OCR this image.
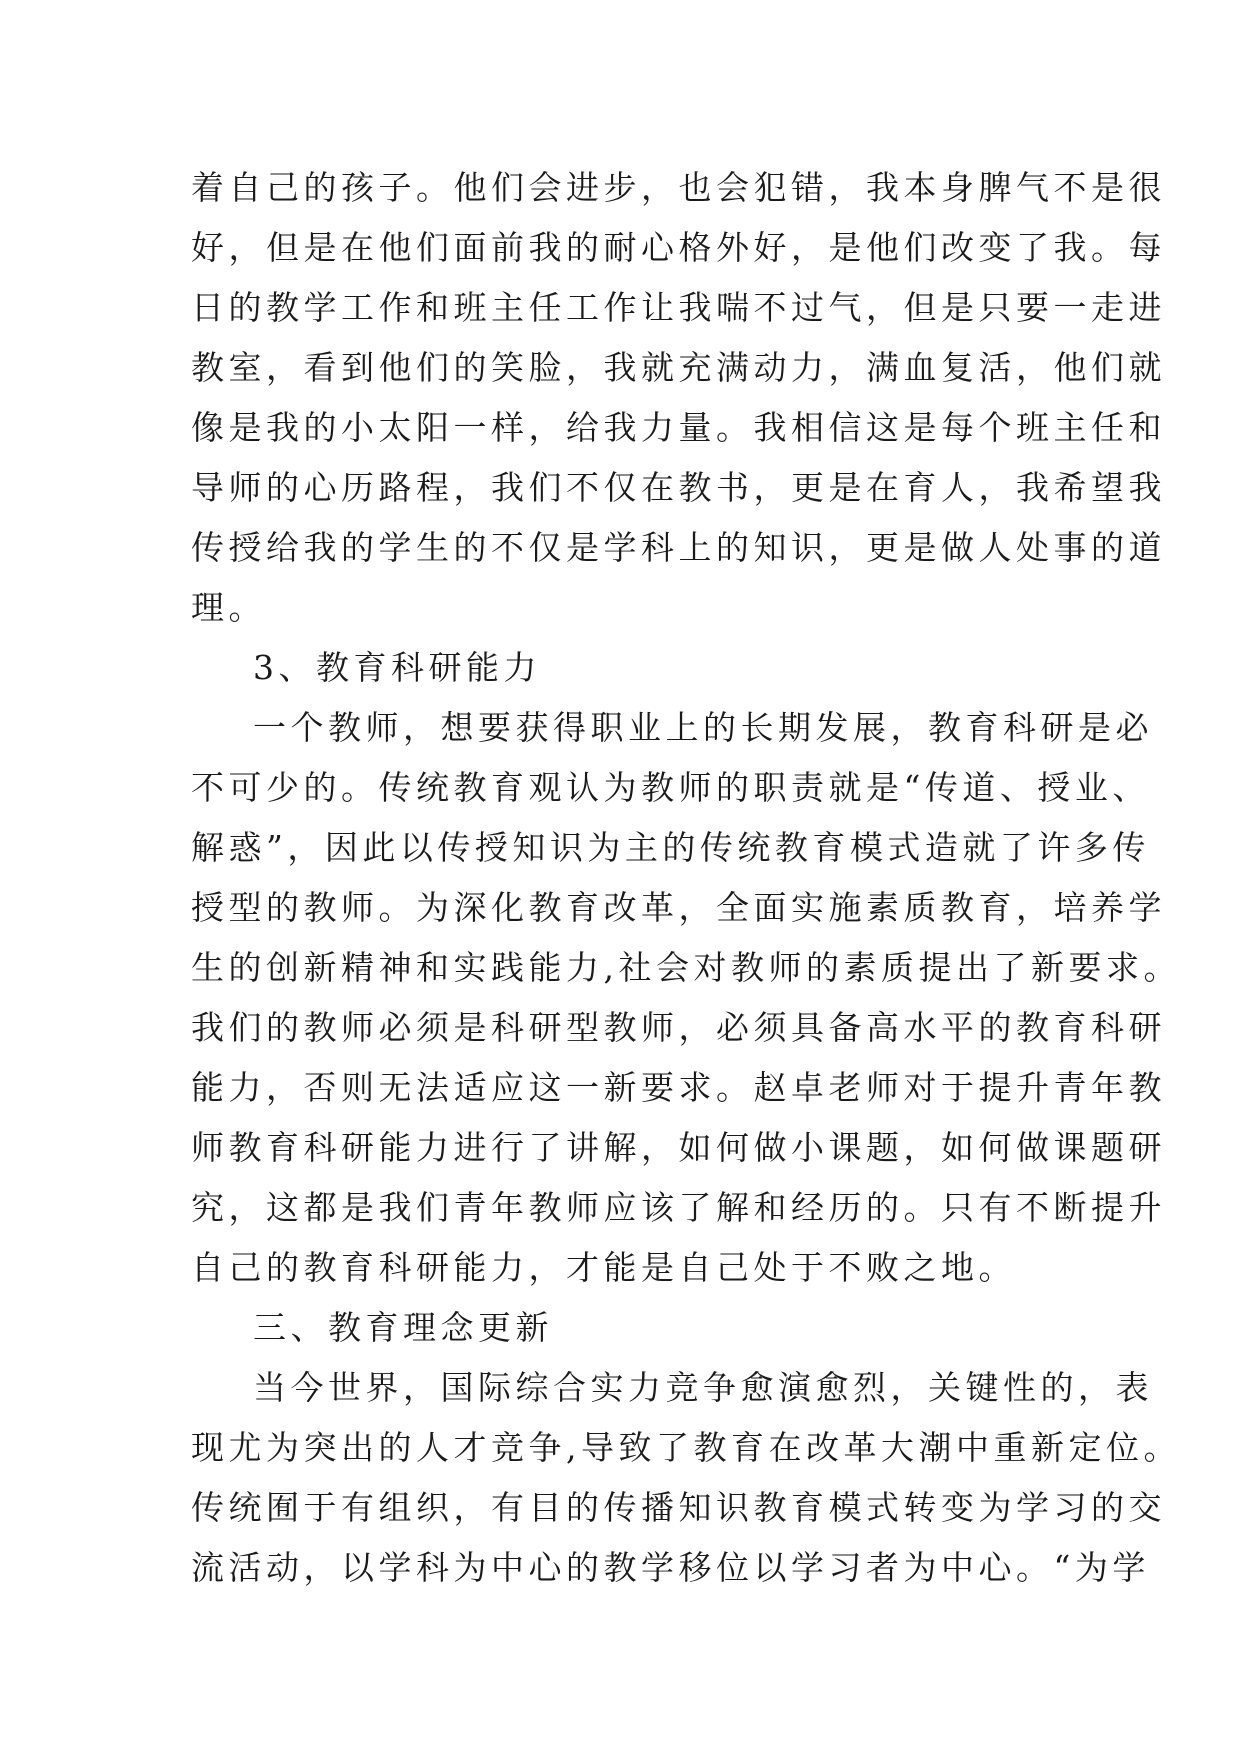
着自己的孩子。他们会进步，也会犯错，我本身脾气不是很
好，但是在他们面前我的耐心格外好，是他们改变了我。每
日的教学工作和班主任工作让我喘不过气，但是只要一走进
教室，看到他们的笑脸，我就充满动力，满血复活，他们就
像是我的小太阳一样，给我力量。我相信这是每个班主任和
导师的心历路程，我们不仅在教书，更是在育人，我希望我
传授给我的学生的不仅是学科上的知识，更是做人处事的道
理。
3、教育科研能力
一个教师，想要获得职业上的长期发展，教育科研是必
不可少的。传统教育观认为教师的职责就是“传道、授业、
解惑”，因此以传授知识为主的传统教育模式造就了许多传
授型的教师。为深化教育改革，全面实施素质教育，培养学
生的创新精神和实践能力,社会对教师的素质提出了新要求。
我们的教师必须是科研型教师，必须具备高水平的教育科研
能力，否则无法适应这一新要求。赵卓老师对于提升青年教
师教育科研能力进行了讲解，如何做小课题，如何做课题研
究，这都是我们青年教师应该了解和经历的。只有不断提升
自己的教育科研能力，才能是自己处于不败之地。
三、教育理念更新
当今世界，国际综合实力竞争愈演愈烈，关键性的，表
现尤为突出的人才竞争,导致了教育在改革大潮中重新定位。
传统囿于有组织，有目的传播知识教育模式转变为学习的交
流活动，以学科为中心的教学移位以学习者为中心。“为学
